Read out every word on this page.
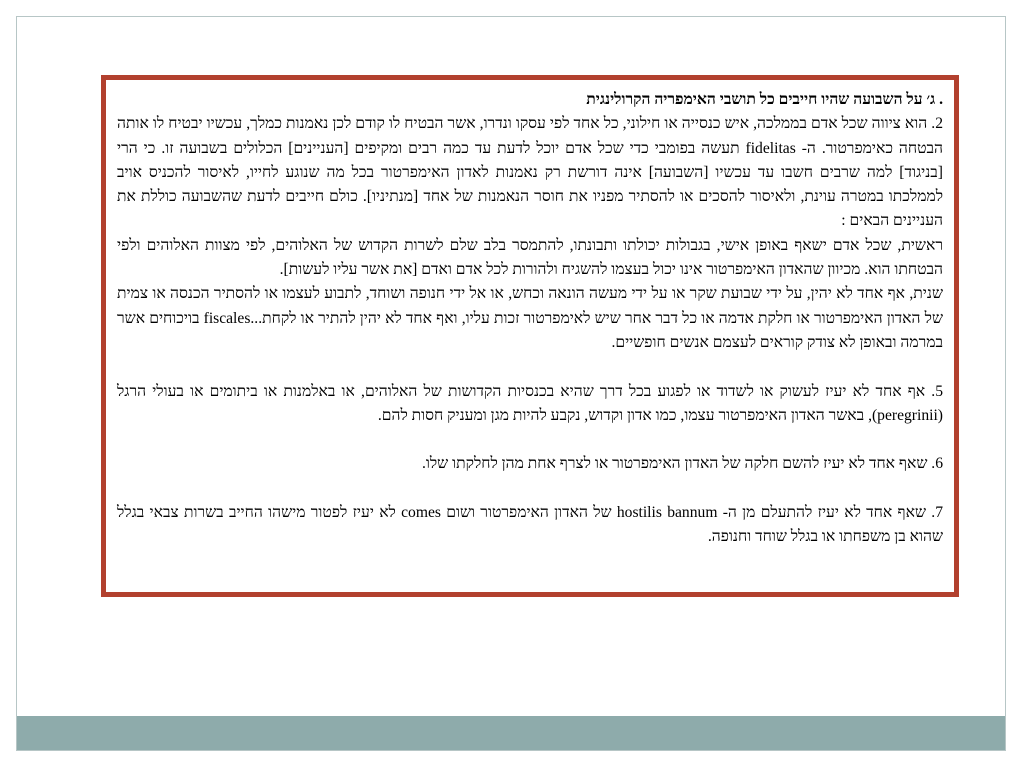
. ג׳ על השבועה שהיו חייבים כל תושבי האימפריה הקרולינגית

2. הוא ציווה שכל אדם בממלכה, איש כנסייה או חילוני, כל אחד לפי עסקו ונדרו, אשר הבטיח לו קודם לכן נאמנות כמלך, עכשיו יבטיח לו אותה הבטחה כאימפרטור. ה- fidelitas תעשה בפומבי כדי שכל אדם יוכל לדעת עד כמה רבים ומקיפים [העניינים] הכלולים בשבועה זו. כי הרי [בניגוד] למה שרבים חשבו עד עכשיו [השבועה] אינה דורשת רק נאמנות לאדון האימפרטור בכל מה שנוגע לחייו, לאיסור להכניס אויב לממלכתו במטרה עוינת, ולאיסור להסכים או להסתיר מפניו את חוסר הנאמנות של אחד [מנתיניו]. כולם חייבים לדעת שהשבועה כוללת את העניינים הבאים :

ראשית, שכל אדם ישאף באופן אישי, בגבולות יכולתו ותבונתו, להתמסר בלב שלם לשרות הקדוש של האלוהים, לפי מצוות האלוהים ולפי הבטחתו הוא. מכיוון שהאדון האימפרטור אינו יכול בעצמו להשגיח ולהורות לכל אדם ואדם [את אשר עליו לעשות].

שנית, אף אחד לא יהין, על ידי שבועת שקר או על ידי מעשה הונאה וכחש, או אל ידי חנופה ושוחד, לתבוע לעצמו או להסתיר הכנסה או צמית של האדון האימפרטור או חלקת אדמה או כל דבר אחר שיש לאימפרטור זכות עליו, ואף אחד לא יהין להתיר או לקחת...fiscales בויכוחים אשר במרמה ובאופן לא צודק קוראים לעצמם אנשים חופשיים.

5. אף אחד לא יעיז לעשוק או לשדוד או לפגוע בכל דרך שהיא בכנסיות הקדושות של האלוהים, או באלמנות או ביתומים או בעולי הרגל (peregrinii), באשר האדון האימפרטור עצמו, כמו אדון וקדוש, נקבע להיות מגן ומעניק חסות להם.

6. שאף אחד לא יעיז להשם חלקה של האדון האימפרטור או לצרף אחת מהן לחלקתו שלו.

7. שאף אחד לא יעיז להתעלם מן ה- hostilis bannum של האדון האימפרטור ושום comes לא יעיז לפטור מישהו החייב בשרות צבאי בגלל שהוא בן משפחתו או בגלל שוחד וחנופה.
